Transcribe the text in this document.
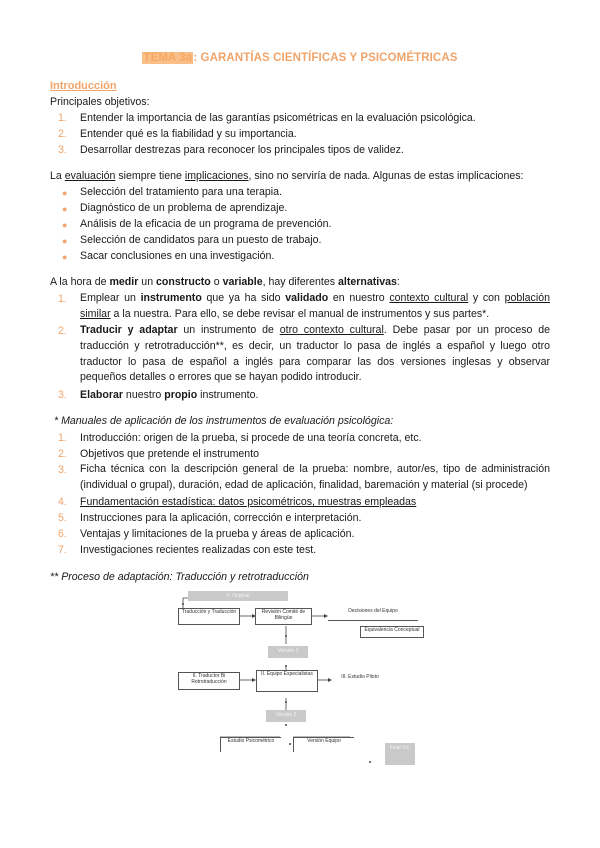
TEMA 3a: GARANTÍAS CIENTÍFICAS Y PSICOMÉTRICAS
Introducción
Principales objetivos:
1. Entender la importancia de las garantías psicométricas en la evaluación psicológica.
2. Entender qué es la fiabilidad y su importancia.
3. Desarrollar destrezas para reconocer los principales tipos de validez.
La evaluación siempre tiene implicaciones, sino no serviría de nada. Algunas de estas implicaciones:
● Selección del tratamiento para una terapia.
● Diagnóstico de un problema de aprendizaje.
● Análisis de la eficacia de un programa de prevención.
● Selección de candidatos para un puesto de trabajo.
● Sacar conclusiones en una investigación.
A la hora de medir un constructo o variable, hay diferentes alternativas:
1. Emplear un instrumento que ya ha sido validado en nuestro contexto cultural y con población similar a la nuestra. Para ello, se debe revisar el manual de instrumentos y sus partes*.
2. Traducir y adaptar un instrumento de otro contexto cultural. Debe pasar por un proceso de traducción y retrotraducción**, es decir, un traductor lo pasa de inglés a español y luego otro traductor lo pasa de español a inglés para comparar las dos versiones inglesas y observar pequeños detalles o errores que se hayan podido introducir.
3. Elaborar nuestro propio instrumento.
* Manuales de aplicación de los instrumentos de evaluación psicológica:
1. Introducción: origen de la prueba, si procede de una teoría concreta, etc.
2. Objetivos que pretende el instrumento
3. Ficha técnica con la descripción general de la prueba: nombre, autor/es, tipo de administración (individual o grupal), duración, edad de aplicación, finalidad, baremación y material (si procede)
4. Fundamentación estadística: datos psicométricos, muestras empleadas
5. Instrucciones para la aplicación, corrección e interpretación.
6. Ventajas y limitaciones de la prueba y áreas de aplicación.
7. Investigaciones recientes realizadas con este test.
** Proceso de adaptación: Traducción y retrotraducción
V. Original
Traducción y Traducción	Revisión Comité de Bilingüe
Decisiones del Equipo
Equivalencia Conceptual
Versión 1
II. Traductor Bi Retrotraducción
II. Equipo Especialistas	III. Estudio Piloto
Versión 2
Estudio Psicométrico	Versión Equipo
Final V.F.
